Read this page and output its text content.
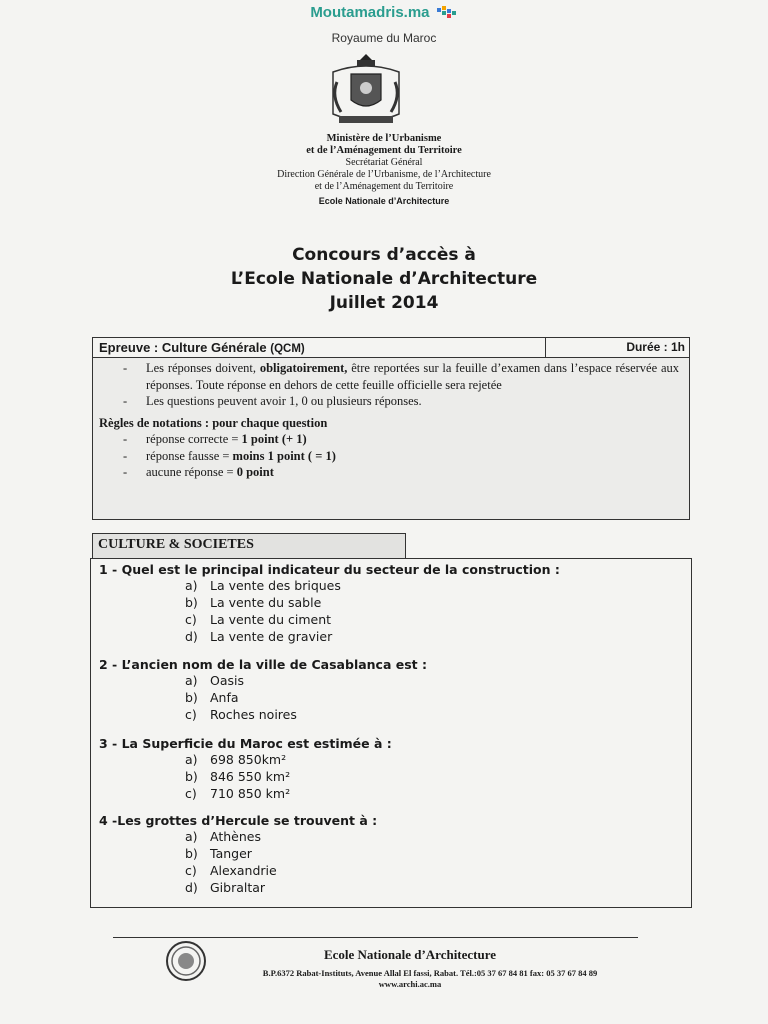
Moutamadris.ma
Royaume du Maroc
Ministère de l’Urbanisme
et de l’Aménagement du Territoire
Secrétariat Général
Direction Générale de l’Urbanisme, de l’Architecture
et de l’Aménagement du Territoire
Ecole Nationale d’Architecture
Concours d’accès à
L’Ecole Nationale d’Architecture
Juillet 2014
Epreuve : Culture Générale (QCM)	Durée : 1h
- Les réponses doivent, obligatoirement, être reportées sur la feuille d’examen dans l’espace réservée aux réponses. Toute réponse en dehors de cette feuille officielle sera rejetée
- Les questions peuvent avoir 1, 0 ou plusieurs réponses.
Règles de notations : pour chaque question
- réponse correcte = 1 point (+ 1)
- réponse fausse = moins 1 point ( = 1)
- aucune réponse = 0 point
CULTURE & SOCIETES
1 - Quel est le principal indicateur du secteur de la construction :
a) La vente des briques
b) La vente du sable
c) La vente du ciment
d) La vente de gravier
2 - L’ancien nom de la ville de Casablanca est :
a) Oasis
b) Anfa
c) Roches noires
3 - La Superficie du Maroc est estimée à :
a) 698 850km²
b) 846 550 km²
c) 710 850 km²
4 -Les grottes d’Hercule se trouvent à :
a) Athènes
b) Tanger
c) Alexandrie
d) Gibraltar
Ecole Nationale d’Architecture
B.P.6372 Rabat-Instituts, Avenue Allal El fassi, Rabat. Tél.:05 37 67 84 81 fax: 05 37 67 84 89
www.archi.ac.ma
